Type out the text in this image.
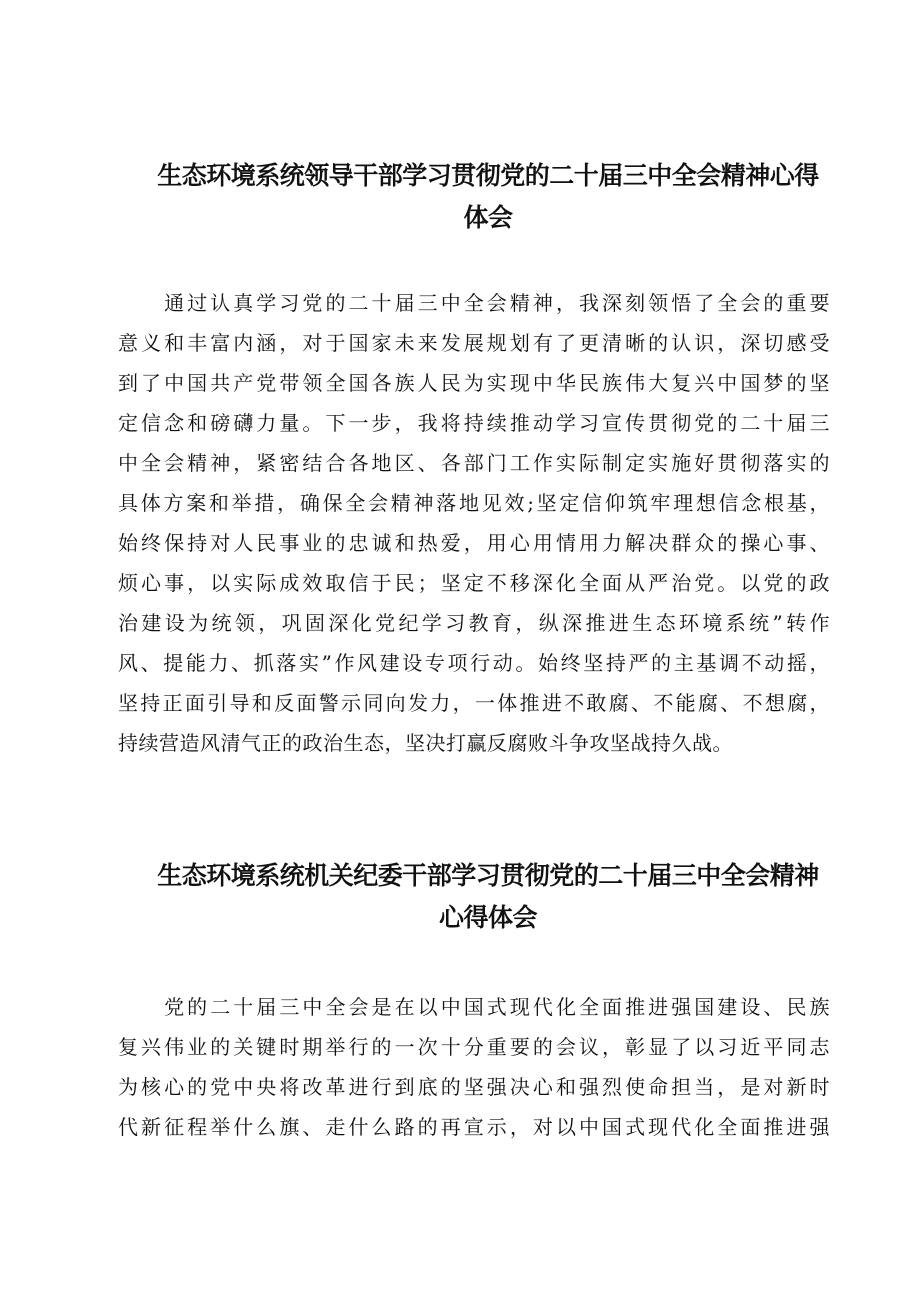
生态环境系统领导干部学习贯彻党的二十届三中全会精神心得
体会
　　通过认真学习党的二十届三中全会精神，我深刻领悟了全会的重要
意义和丰富内涵，对于国家未来发展规划有了更清晰的认识，深切感受
到了中国共产党带领全国各族人民为实现中华民族伟大复兴中国梦的坚
定信念和磅礴力量。下一步，我将持续推动学习宣传贯彻党的二十届三
中全会精神，紧密结合各地区、各部门工作实际制定实施好贯彻落实的
具体方案和举措，确保全会精神落地见效;坚定信仰筑牢理想信念根基，
始终保持对人民事业的忠诚和热爱，用心用情用力解决群众的操心事、
烦心事，以实际成效取信于民；坚定不移深化全面从严治党。以党的政
治建设为统领，巩固深化党纪学习教育，纵深推进生态环境系统”转作
风、提能力、抓落实”作风建设专项行动。始终坚持严的主基调不动摇，
坚持正面引导和反面警示同向发力，一体推进不敢腐、不能腐、不想腐，
持续营造风清气正的政治生态，坚决打赢反腐败斗争攻坚战持久战。
生态环境系统机关纪委干部学习贯彻党的二十届三中全会精神
心得体会
　　党的二十届三中全会是在以中国式现代化全面推进强国建设、民族
复兴伟业的关键时期举行的一次十分重要的会议，彰显了以习近平同志
为核心的党中央将改革进行到底的坚强决心和强烈使命担当，是对新时
代新征程举什么旗、走什么路的再宣示，对以中国式现代化全面推进强
